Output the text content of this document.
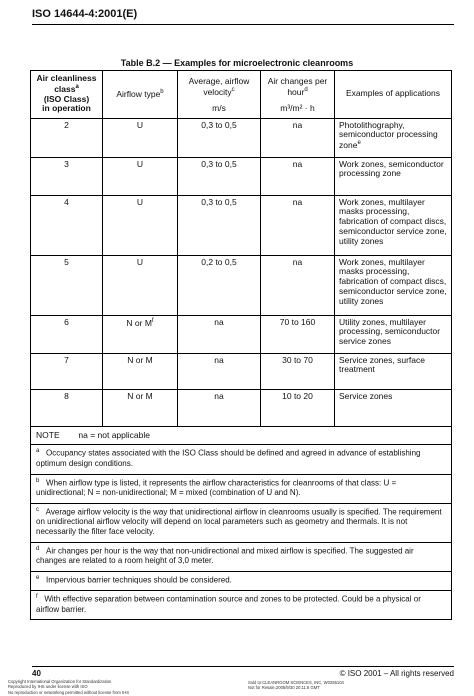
ISO 14644-4:2001(E)
Table B.2 — Examples for microelectronic cleanrooms
Air cleanliness class$^a$
(ISO Class)
in operation	Airflow type$^b$	Average, airflow velocity$^c$	Air changes per hour$^d$	Examples of applications
		m/s	m³/m² · h	
2	U	0,3 to 0,5	na	Photolithography, semiconductor processing zone$^e$
3	U	0,3 to 0,5	na	Work zones, semiconductor processing zone
4	U	0,3 to 0,5	na	Work zones, multilayer masks processing, fabrication of compact discs, semiconductor service zone, utility zones
5	U	0,2 to 0,5	na	Work zones, multilayer masks processing, fabrication of compact discs, semiconductor service zone, utility zones
6	N or $M^f$	na	70 to 160	Utility zones, multilayer processing, semiconductor service zones
7	N or M	na	30 to 70	Service zones, surface treatment
8	N or M	na	10 to 20	Service zones
NOTE na = not applicable				
$^a$ Occupancy states associated with the ISO Class should be defined and agreed in advance of establishing optimum design conditions.				
$^b$ When airflow type is listed, it represents the airflow characteristics for cleanrooms of that class: U = unidirectional; N = non-unidirectional; M = mixed (combination of U and N).				
$^c$ Average airflow velocity is the way that unidirectional airflow in cleanrooms usually is specified. The requirement on unidirectional airflow velocity will depend on local parameters such as geometry and thermals. It is not necessarily the filter face velocity.				
$^d$ Air changes per hour is the way that non-unidirectional and mixed airflow is specified. The suggested air changes are related to a room height of 3,0 meter.				
$^e$ Impervious barrier techniques should be considered.				
$^f$ With effective separation between contamination source and zones to be protected. Could be a physical or airflow barrier.				
40	© ISO 2001 – All rights reserved
Copyright International Organization for Standardization
Reproduced by IHS under license with ISO
No reproduction or networking permitted without license from IHS
Sold to:CLEANROOM SCIENCES, INC, W0285104
Not for Resale,2005/9/30 20:11:6 GMT
